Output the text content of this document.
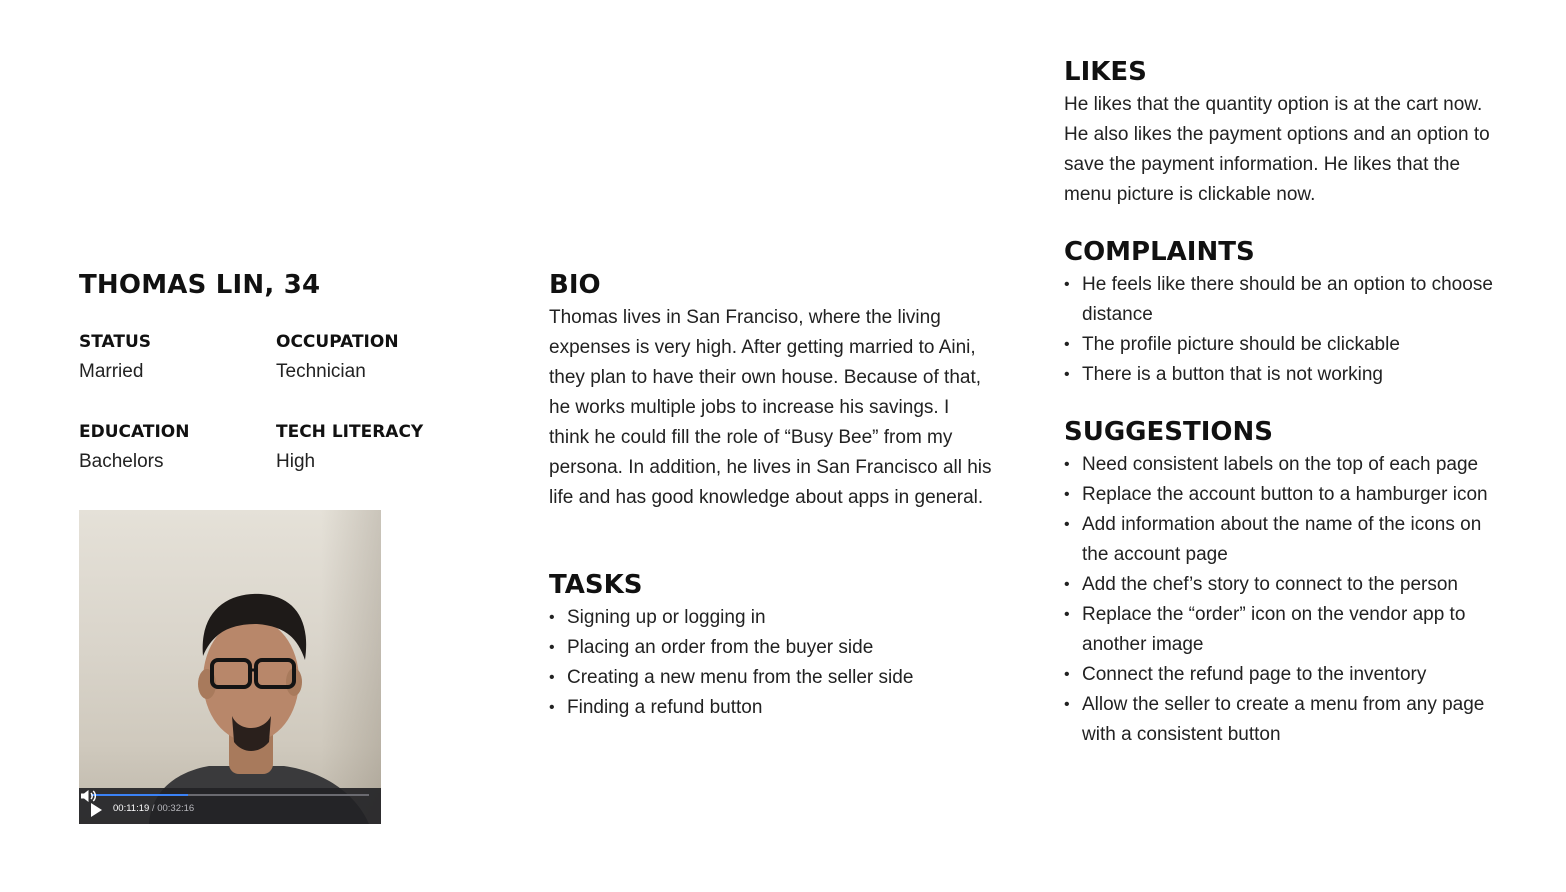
THOMAS LIN, 34
STATUS
Married
OCCUPATION
Technician
EDUCATION
Bachelors
TECH LITERACY
High
00:11:19 / 00:32:16
BIO

Thomas lives in San Franciso, where the living expenses is very high. After getting married to Aini, they plan to have their own house. Because of that, he works multiple jobs to increase his savings. I think he could fill the role of “Busy Bee” from my persona. In addition, he lives in San Francisco all his life and has good knowledge about apps in general.

TASKS
• Signing up or logging in
• Placing an order from the buyer side
• Creating a new menu from the seller side
• Finding a refund button
LIKES

He likes that the quantity option is at the cart now. He also likes the payment options and an option to save the payment information. He likes that the menu picture is clickable now.

COMPLAINTS
• He feels like there should be an option to choose distance
• The profile picture should be clickable
• There is a button that is not working
SUGGESTIONS
• Need consistent labels on the top of each page
• Replace the account button to a hamburger icon
• Add information about the name of the icons on the account page
• Add the chef’s story to connect to the person
• Replace the “order” icon on the vendor app to another image
• Connect the refund page to the inventory
• Allow the seller to create a menu from any page with a consistent button
